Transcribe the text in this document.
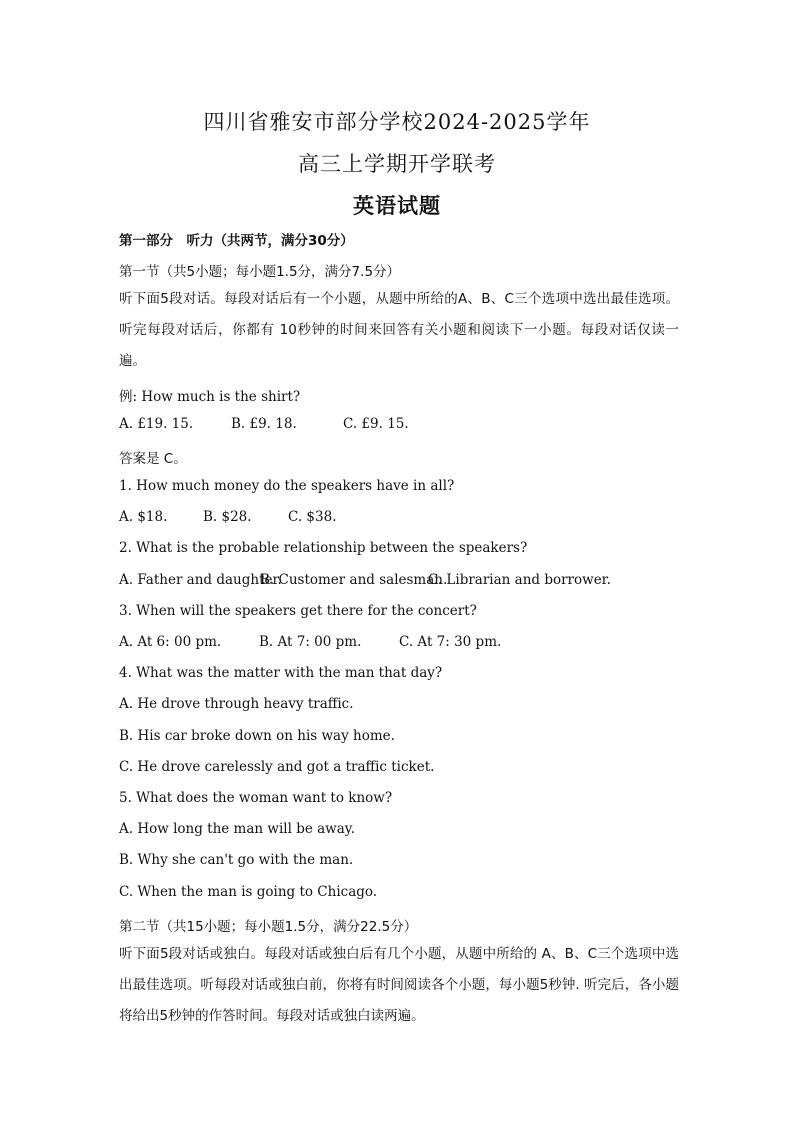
四川省雅安市部分学校2024-2025学年
高三上学期开学联考
英语试题
第一部分　听力（共两节，满分30分）
第一节（共5小题；每小题1.5分，满分7.5分）
听下面5段对话。每段对话后有一个小题，从题中所给的A、B、C三个选项中选出最佳选项。听完每段对话后，你都有 10秒钟的时间来回答有关小题和阅读下一小题。每段对话仅读一遍。
例: How much is the shirt?
A. £19. 15.	B. £9. 18.	C. £9. 15.
答案是 C。
1. How much money do the speakers have in all?
A. $18.	B. $28.	C. $38.
2. What is the probable relationship between the speakers?
A. Father and daughter.
B. Customer and salesman.
C. Librarian and borrower.
3. When will the speakers get there for the concert?
A. At 6: 00 pm.	B. At 7: 00 pm.	C. At 7: 30 pm.
4. What was the matter with the man that day?
A. He drove through heavy traffic.
B. His car broke down on his way home.
C. He drove carelessly and got a traffic ticket.
5. What does the woman want to know?
A. How long the man will be away.
B. Why she can't go with the man.
C. When the man is going to Chicago.
第二节（共15小题；每小题1.5分，满分22.5分）
听下面5段对话或独白。每段对话或独白后有几个小题，从题中所给的 A、B、C三个选项中选出最佳选项。听每段对话或独白前，你将有时间阅读各个小题，每小题5秒钟. 听完后，各小题将给出5秒钟的作答时间。每段对话或独白读两遍。
